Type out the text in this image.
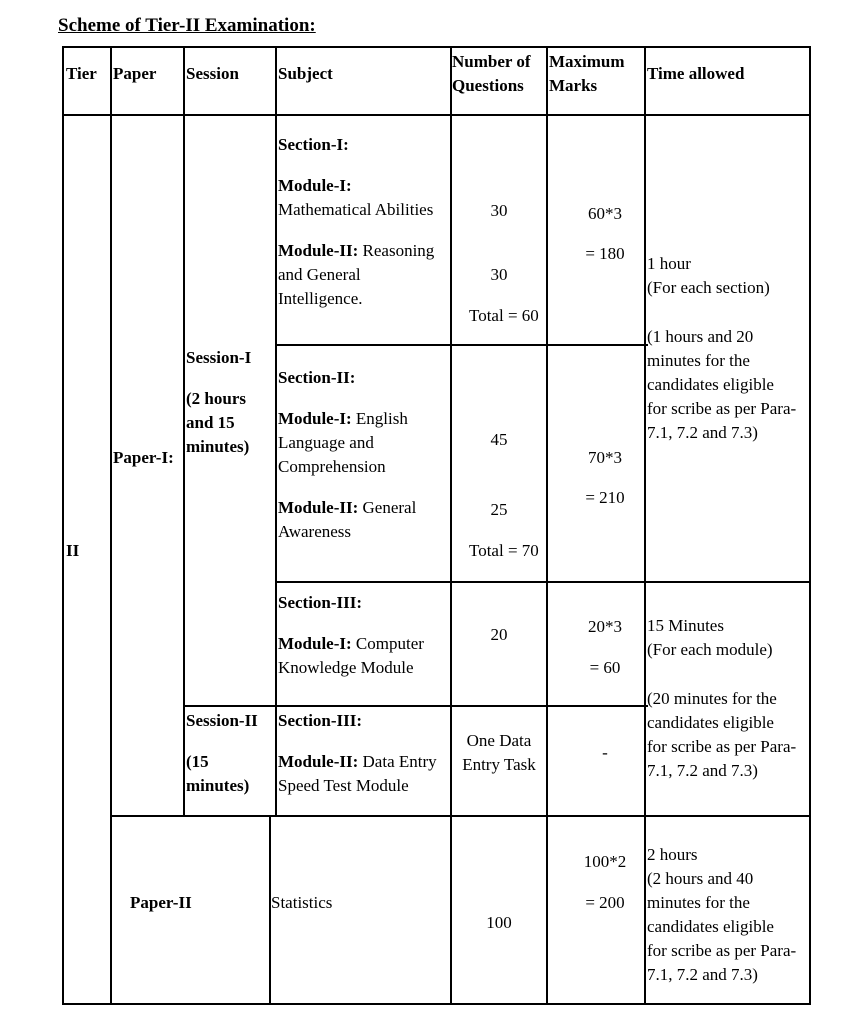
Scheme of Tier-II Examination:
Tier Paper Session Subject
Number of
Questions
Maximum
Marks
Time allowed
II
Paper-I:
Session-I
(2 hours
and 15
minutes)
Session-II
(15
minutes)
Section-I:
Module-I:
Mathematical Abilities
Module-II: Reasoning
and General
Intelligence.
30
30
Total = 60
60*3
= 180
1 hour
(For each section)
(1 hours and 20
minutes for the
candidates eligible
for scribe as per Para-
7.1, 7.2 and 7.3)
Section-II:
Module-I: English
Language and
Comprehension
Module-II: General
Awareness
45
25
Total = 70
70*3
= 210
Section-III:
Module-I: Computer
Knowledge Module
20	20*3
= 60
15 Minutes
(For each module)
(20 minutes for the
candidates eligible
for scribe as per Para-
7.1, 7.2 and 7.3)
Section-III:
Module-II: Data Entry
Speed Test Module
One Data
Entry Task
-
Paper-II	Statistics
100
100*2
= 200
2 hours
(2 hours and 40
minutes for the
candidates eligible
for scribe as per Para-
7.1, 7.2 and 7.3)
